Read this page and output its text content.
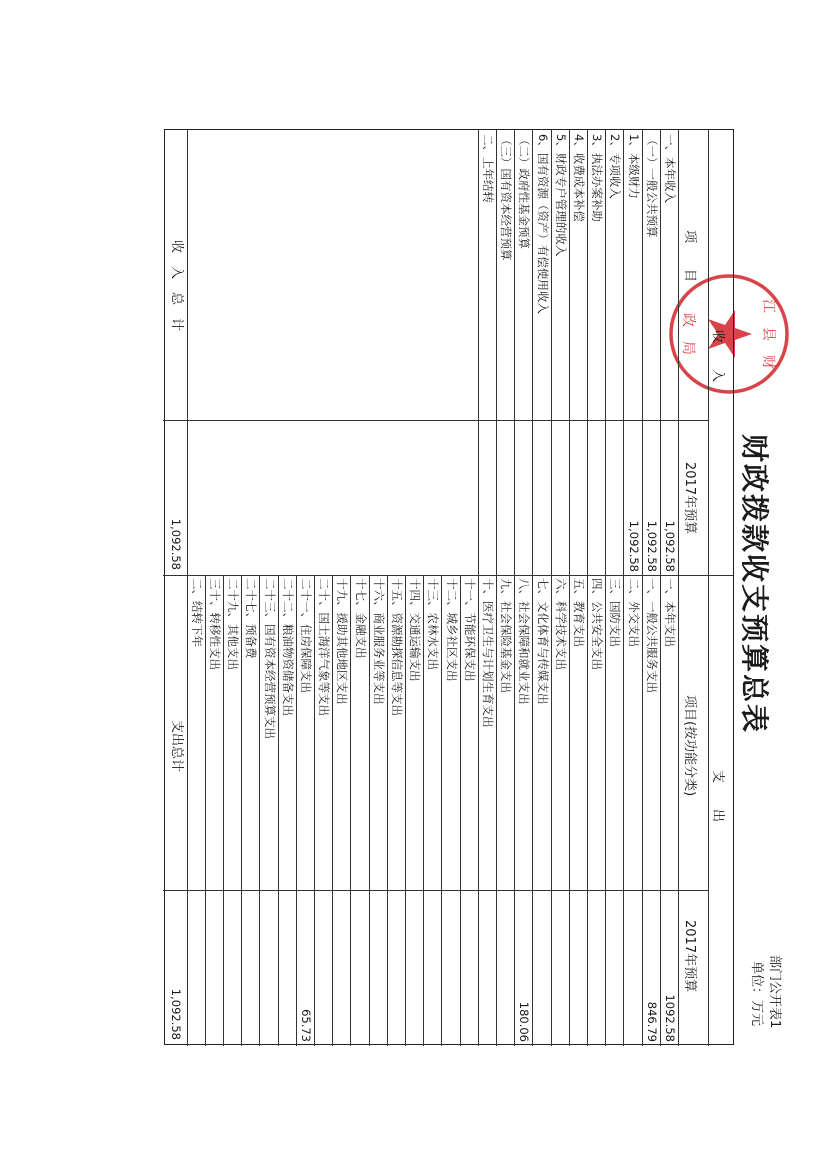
财政拨款收支预算总表
部门公开表1
单位：万元
江　县　财
政　局 收　　入
支　　出
项　　目
2017年预算
项目(按功能分类)
2017年预算
收　入　总　计
1,092.58
支出总计
1,092.58
一、本年收入
1,092.58
（一）一般公共预算
1,092.58
1、本级财力
1,092.58
2、专项收入
3、执法办案补助
4、收费成本补偿
5、财政专户管理的收入
6、国有资源（资产）有偿使用收入
（二）政府性基金预算
（三）国有资本经营预算
二、上年结转
一、本年支出
1092.58
一、一般公共服务支出
846.79
二、外交支出
三、国防支出
四、公共安全支出
五、教育支出
六、科学技术支出
七、文化体育与传媒支出
八、社会保障和就业支出
180.06
九、社会保险基金支出
十、医疗卫生与计划生育支出
十一、节能环保支出
十二、城乡社区支出
十三、农林水支出
十四、交通运输支出
十五、资源勘探信息等支出
十六、商业服务业等支出
十七、金融支出
十九、援助其他地区支出
二十、国土海洋气象等支出
二十一、住房保障支出
65.73
二十二、粮油物资储备支出
二十三、国有资本经营预算支出
二十七、预备费
二十九、其他支出
三十、转移性支出
二、结转下年
